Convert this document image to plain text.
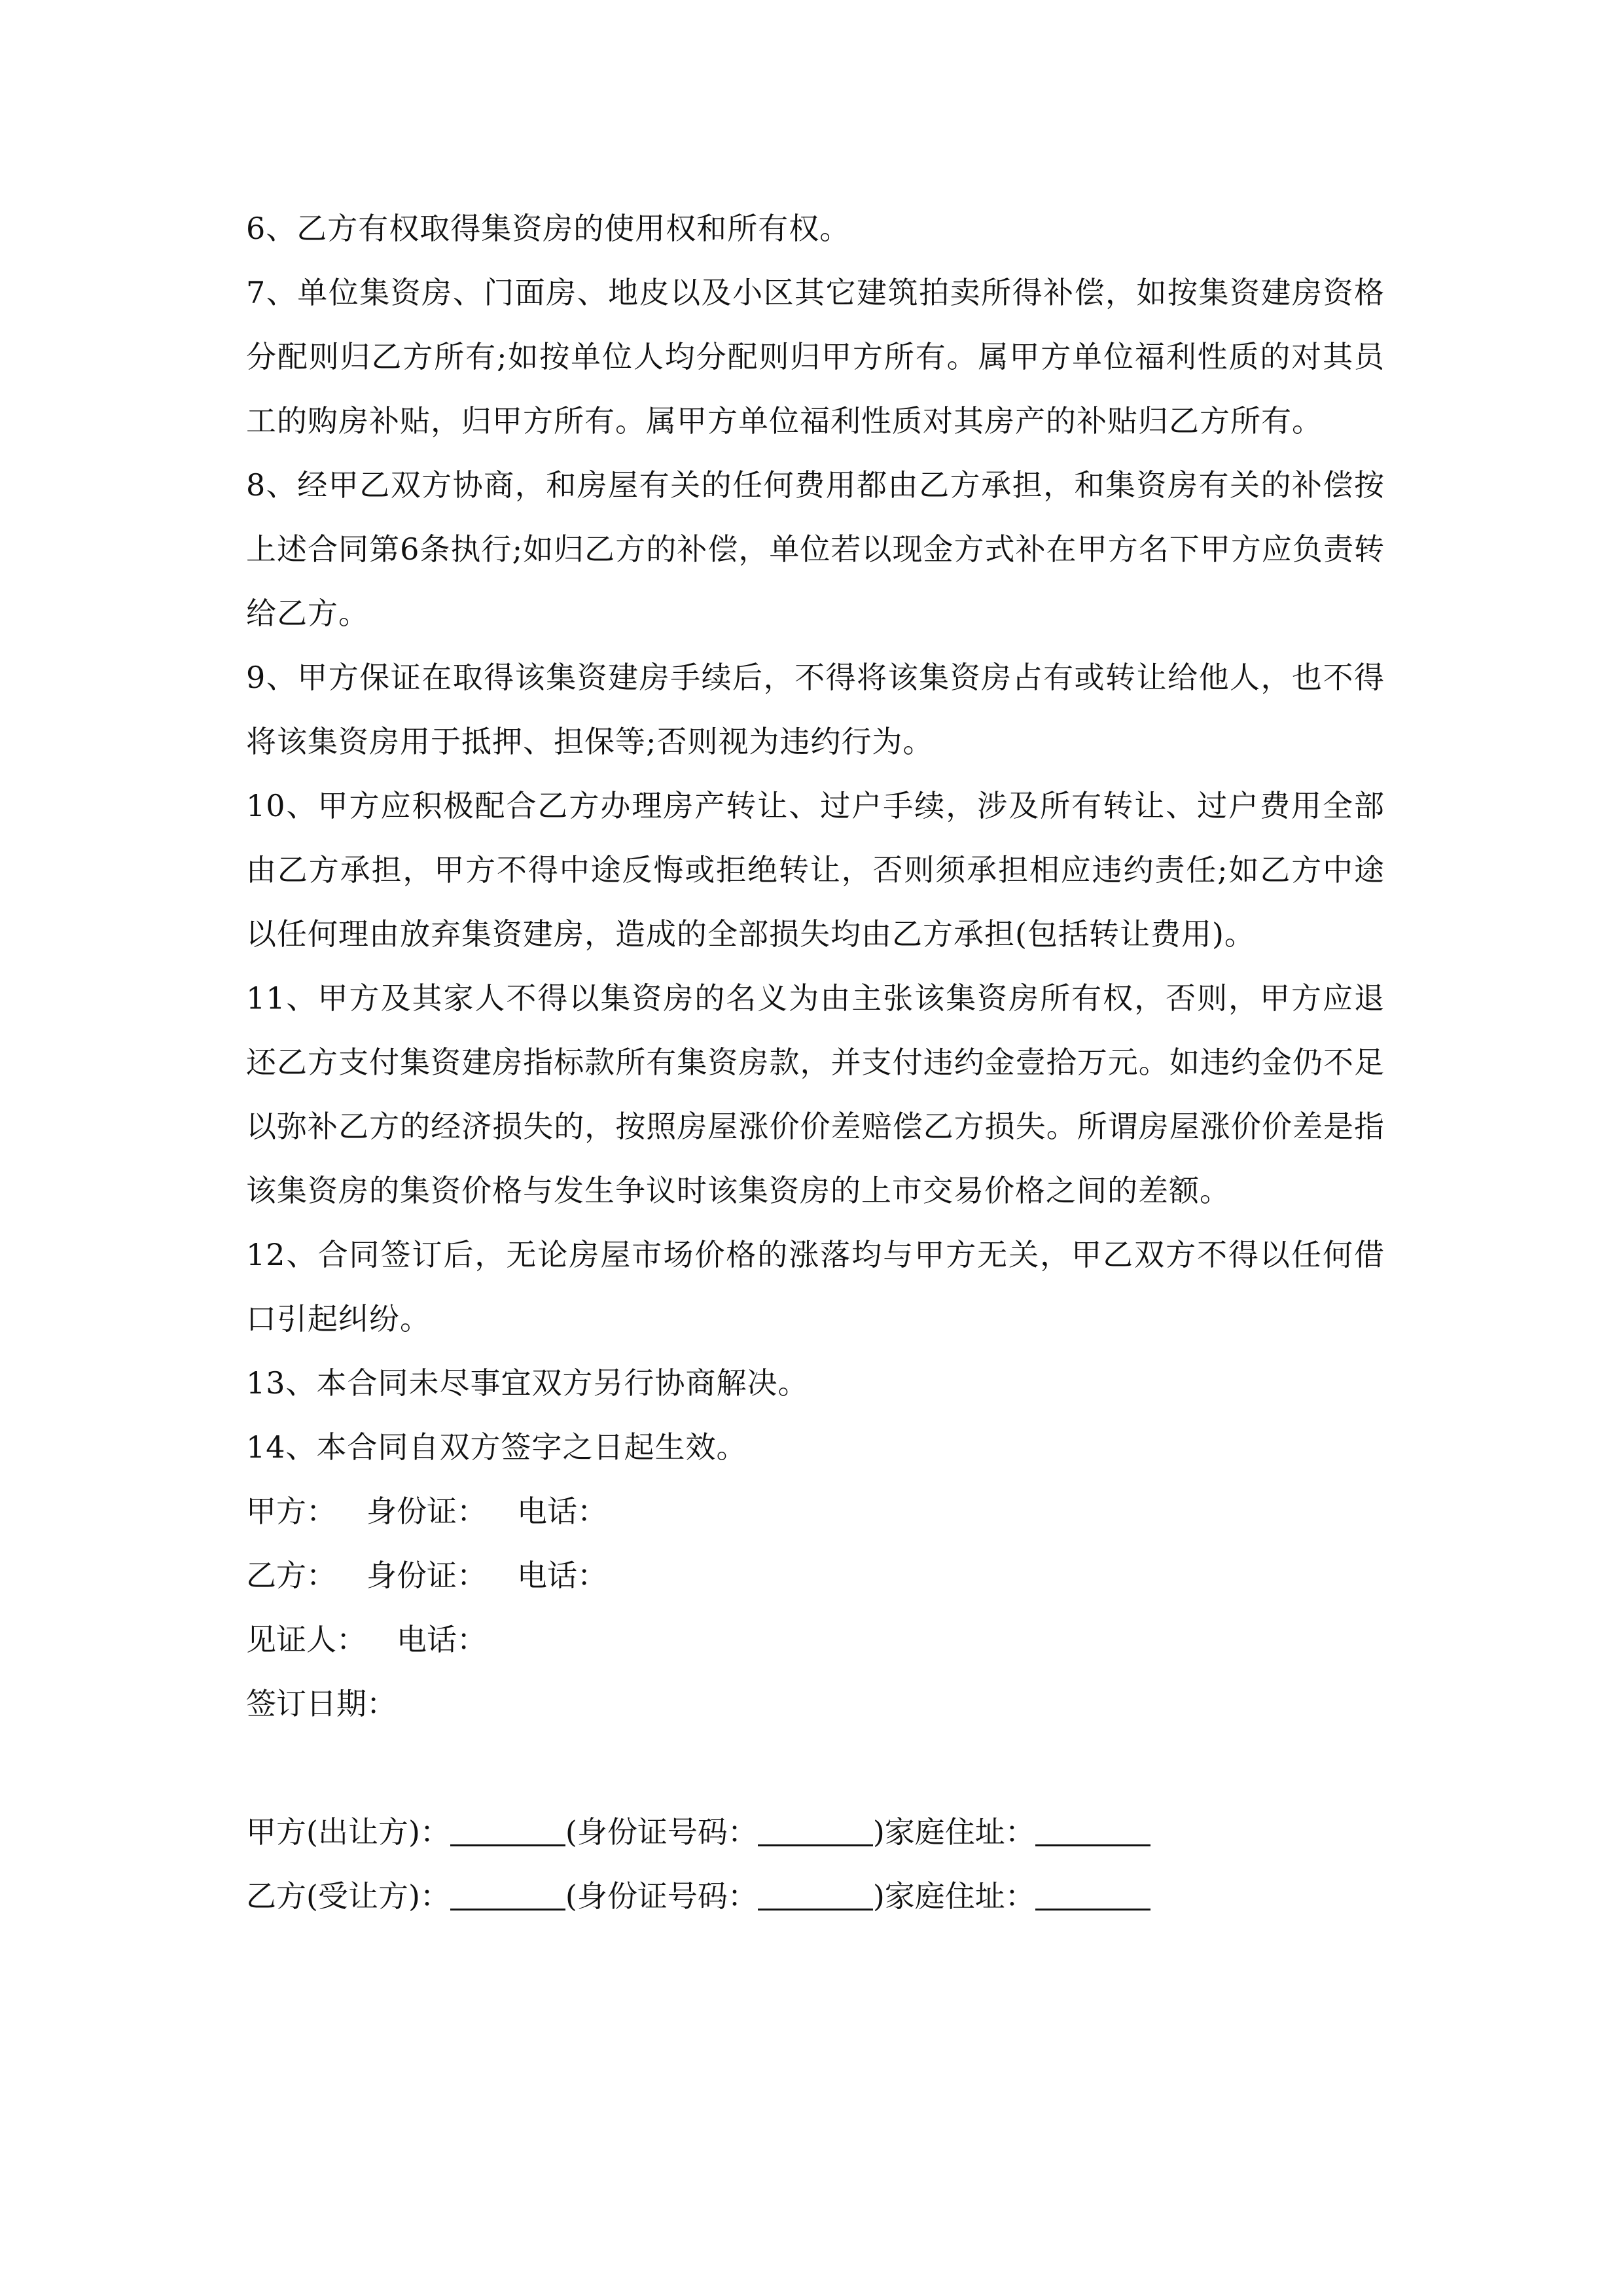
6、乙方有权取得集资房的使用权和所有权。

7、单位集资房、门面房、地皮以及小区其它建筑拍卖所得补偿，如按集资建房资格分配则归乙方所有;如按单位人均分配则归甲方所有。属甲方单位福利性质的对其员工的购房补贴，归甲方所有。属甲方单位福利性质对其房产的补贴归乙方所有。

8、经甲乙双方协商，和房屋有关的任何费用都由乙方承担，和集资房有关的补偿按上述合同第6条执行;如归乙方的补偿，单位若以现金方式补在甲方名下甲方应负责转给乙方。

9、甲方保证在取得该集资建房手续后，不得将该集资房占有或转让给他人，也不得将该集资房用于抵押、担保等;否则视为违约行为。

10、甲方应积极配合乙方办理房产转让、过户手续，涉及所有转让、过户费用全部由乙方承担，甲方不得中途反悔或拒绝转让，否则须承担相应违约责任;如乙方中途以任何理由放弃集资建房，造成的全部损失均由乙方承担(包括转让费用)。

11、甲方及其家人不得以集资房的名义为由主张该集资房所有权，否则，甲方应退还乙方支付集资建房指标款所有集资房款，并支付违约金壹拾万元。如违约金仍不足以弥补乙方的经济损失的，按照房屋涨价价差赔偿乙方损失。所谓房屋涨价价差是指该集资房的集资价格与发生争议时该集资房的上市交易价格之间的差额。

12、合同签订后，无论房屋市场价格的涨落均与甲方无关，甲乙双方不得以任何借口引起纠纷。

13、本合同未尽事宜双方另行协商解决。

14、本合同自双方签字之日起生效。

甲方： 身份证： 电话：

乙方： 身份证： 电话：

见证人： 电话：

签订日期：

甲方(出让方)：	(身份证号码：	)家庭住址：

乙方(受让方)：	(身份证号码：	)家庭住址：
